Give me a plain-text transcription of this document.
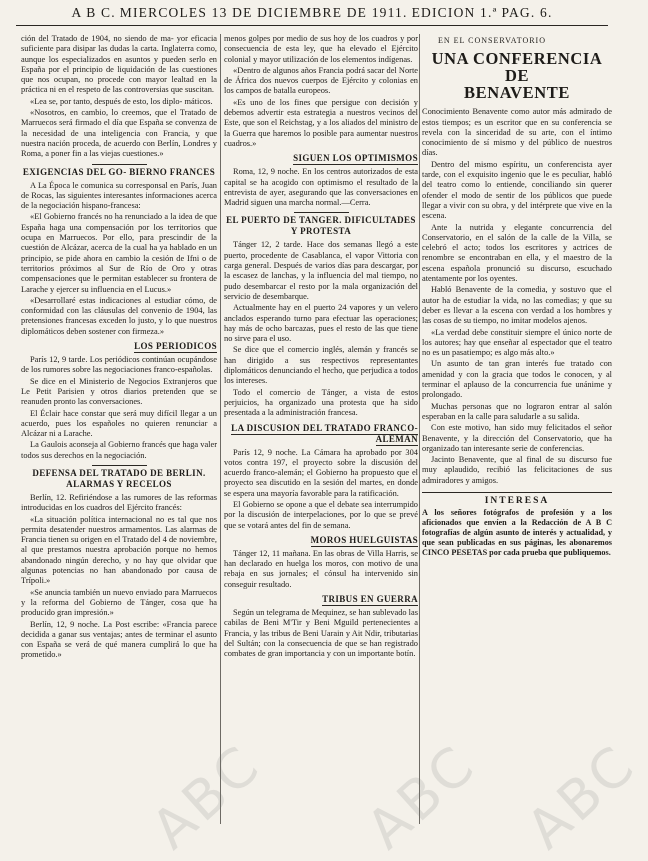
A B C. MIERCOLES 13 DE DICIEMBRE DE 1911. EDICION 1.ª PAG. 6.

ción del Tratado de 1904, no siendo de ma- yor eficacia suficiente para disipar las dudas la carta. Inglaterra como, aunque los especializados en asuntos y pueden serlo en España por el principio de liquidación de las cuestiones que nos ocupan, no procede con mayor lealtad en la práctica ni en el respeto de las controversias que suscitan.

«Lea se, por tanto, después de esto, los diplo- máticos.

«Nosotros, en cambio, lo creemos, que el Tratado de Marruecos será firmado el día que España se convenza de la necesidad de una inteligencia con Francia, y que nuestra nación proceda, de acuerdo con Berlín, Londres y Roma, a poner fin a las viejas cuestiones.»

EXIGENCIAS DEL GO- BIERNO FRANCES

A La Época le comunica su corresponsal en París, Juan de Rocas, las siguientes interesantes informaciones acerca de la negociación hispano-francesa:

«El Gobierno francés no ha renunciado a la idea de que España haga una compensación por los territorios que ocupa en Marruecos. Por ello, para prescindir de la cuestión de Alcázar, acerca de la cual ha ya hablado en un principio, se pide ahora en cambio la cesión de Ifni o de territorios próximos al Sur de Río de Oro y otras compensaciones que le permitan establecer su frontera de Larache y ejercer su influencia en el Lucus.»

«Desarrollaré estas indicaciones al estudiar cómo, de conformidad con las cláusulas del convenio de 1904, las pretensiones francesas exceden lo justo, y lo que nuestros diplomáticos deben sostener con firmeza.»

LOS PERIODICOS

París 12, 9 tarde. Los periódicos continúan ocupándose de los rumores sobre las negociaciones franco-españolas.

Se dice en el Ministerio de Negocios Extranjeros que Le Petit Parisien y otros diarios pretenden que se reanuden pronto las conversaciones.

El Éclair hace constar que será muy difícil llegar a un acuerdo, pues los españoles no quieren renunciar a Alcázar ni a Larache.

La Gaulois aconseja al Gobierno francés que haga valer todos sus derechos en la negociación.

DEFENSA DEL TRATADO DE BERLIN. ALARMAS Y RECELOS

Berlín, 12. Refiriéndose a las rumores de las reformas introducidas en los cuadros del Ejército francés:

«La situación política internacional no es tal que nos permita desatender nuestros armamentos. Las alarmas de Francia tienen su origen en el Tratado del 4 de noviembre, al que prestamos nuestra aprobación porque no hemos abandonado ningún derecho, y no hay que olvidar que algunas potencias no han abandonado por causa de Trípoli.»

«Se anuncia también un nuevo enviado para Marruecos y la reforma del Gobierno de Tánger, cosa que ha producido gran impresión.»

Berlín, 12, 9 noche. La Post escribe: «Francia parece decidida a ganar sus ventajas; antes de terminar el asunto con España se verá de qué manera cumplirá lo que ha prometido.»

menos golpes por medio de sus hoy de los cuadros y por consecuencia de esta ley, que ha elevado el Ejército colonial y mayor utilización de los elementos indígenas.

«Dentro de algunos años Francia podrá sacar del Norte de África dos nuevos cuerpos de Ejército y colonias en los campos de batalla europeos.

«Es uno de los fines que persigue con decisión y debemos advertir esta estrategia a nuestros vecinos del Este, que son el Reichstag, y a los aliados del ministro de la Guerra que haremos lo posible para aumentar nuestros cuadros.»

SIGUEN LOS OPTIMISMOS

Roma, 12, 9 noche. En los centros autorizados de esta capital se ha acogido con optimismo el resultado de la entrevista de ayer, asegurando que las conversaciones en Madrid siguen una marcha normal.—Cerra.

EL PUERTO DE TANGER. DIFICULTADES Y PROTESTA

Tánger 12, 2 tarde. Hace dos semanas llegó a este puerto, procedente de Casablanca, el vapor Vittoria con carga general. Después de varios días para descargar, por la escasez de lanchas, y la influencia del mal tiempo, no pudo desembarcar el resto por la mala organización del servicio de desembarque.

Actualmente hay en el puerto 24 vapores y un velero anclados esperando turno para efectuar las operaciones; hay más de ocho barcazas, pues el resto de las que tiene no sirve para el uso.

Se dice que el comercio inglés, alemán y francés se han dirigido a sus respectivos representantes diplomáticos denunciando el hecho, que perjudica a todos los intereses.

Todo el comercio de Tánger, a vista de estos perjuicios, ha organizado una protesta que ha sido presentada a la administración francesa.

LA DISCUSION DEL TRATADO FRANCO-ALEMAN

París 12, 9 noche. La Cámara ha aprobado por 304 votos contra 197, el proyecto sobre la discusión del acuerdo franco-alemán; el Gobierno ha propuesto que el proyecto sea discutido en la sesión del martes, en donde se espera una mayoría favorable para la ratificación.

El Gobierno se opone a que el debate sea interrumpido por la discusión de interpelaciones, por lo que se prevé que se votará antes del fin de semana.

MOROS HUELGUISTAS

Tánger 12, 11 mañana. En las obras de Villa Harris, se han declarado en huelga los moros, con motivo de una rebaja en sus jornales; el cónsul ha intervenido sin conseguir resultado.

TRIBUS EN GUERRA

Según un telegrama de Mequinez, se han sublevado las cabilas de Beni M'Tir y Beni Mguild pertenecientes a Francia, y las tribus de Beni Uarain y Ait Ndir, tributarias del Sultán; con la consecuencia de que se han registrado combates de gran importancia y con un importante botín.

EN EL CONSERVATORIO
UNA CONFERENCIA DE
BENAVENTE

Conocimiento Benavente como autor más admirado de estos tiempos; es un escritor que en su conferencia se revela con la sinceridad de su arte, con el íntimo conocimiento de sí mismo y del público de nuestros días.

Dentro del mismo espíritu, un conferencista ayer tarde, con el exquisito ingenio que le es peculiar, habló del teatro como lo entiende, conciliando sin querer ofender el modo de sentir de los públicos que puede llegar a vivir con su obra, y del intérprete que vive en la escena.

Ante la nutrida y elegante concurrencia del Conservatorio, en el salón de la calle de la Villa, se celebró el acto; todos los escritores y actrices de renombre se encontraban en ella, y el maestro de la escena española pronunció su discurso, escuchado atentamente por los oyentes.

Habló Benavente de la comedia, y sostuvo que el autor ha de estudiar la vida, no las comedias; y que su deber es llevar a la escena con verdad a los hombres y las cosas de su tiempo, no imitar modelos ajenos.

«La verdad debe constituir siempre el único norte de los autores; hay que enseñar al espectador que el teatro no es un pasatiempo; es algo más alto.»

Un asunto de tan gran interés fue tratado con amenidad y con la gracia que todos le conocen, y al terminar el aplauso de la concurrencia fue unánime y prolongado.

Muchas personas que no lograron entrar al salón esperaban en la calle para saludarle a su salida.

Con este motivo, han sido muy felicitados el señor Benavente, y la dirección del Conservatorio, que ha organizado tan interesante serie de conferencias.

Jacinto Benavente, que al final de su discurso fue muy aplaudido, recibió las felicitaciones de sus admiradores y amigos.

INTERESA
A los señores fotógrafos de profesión y a los aficionados que envíen a la Redacción de A B C fotografías de algún asunto de interés y actualidad, y que sean publicadas en sus páginas, les abonaremos CINCO PESETAS por cada prueba que publiquemos.
ABC ABC ABC
